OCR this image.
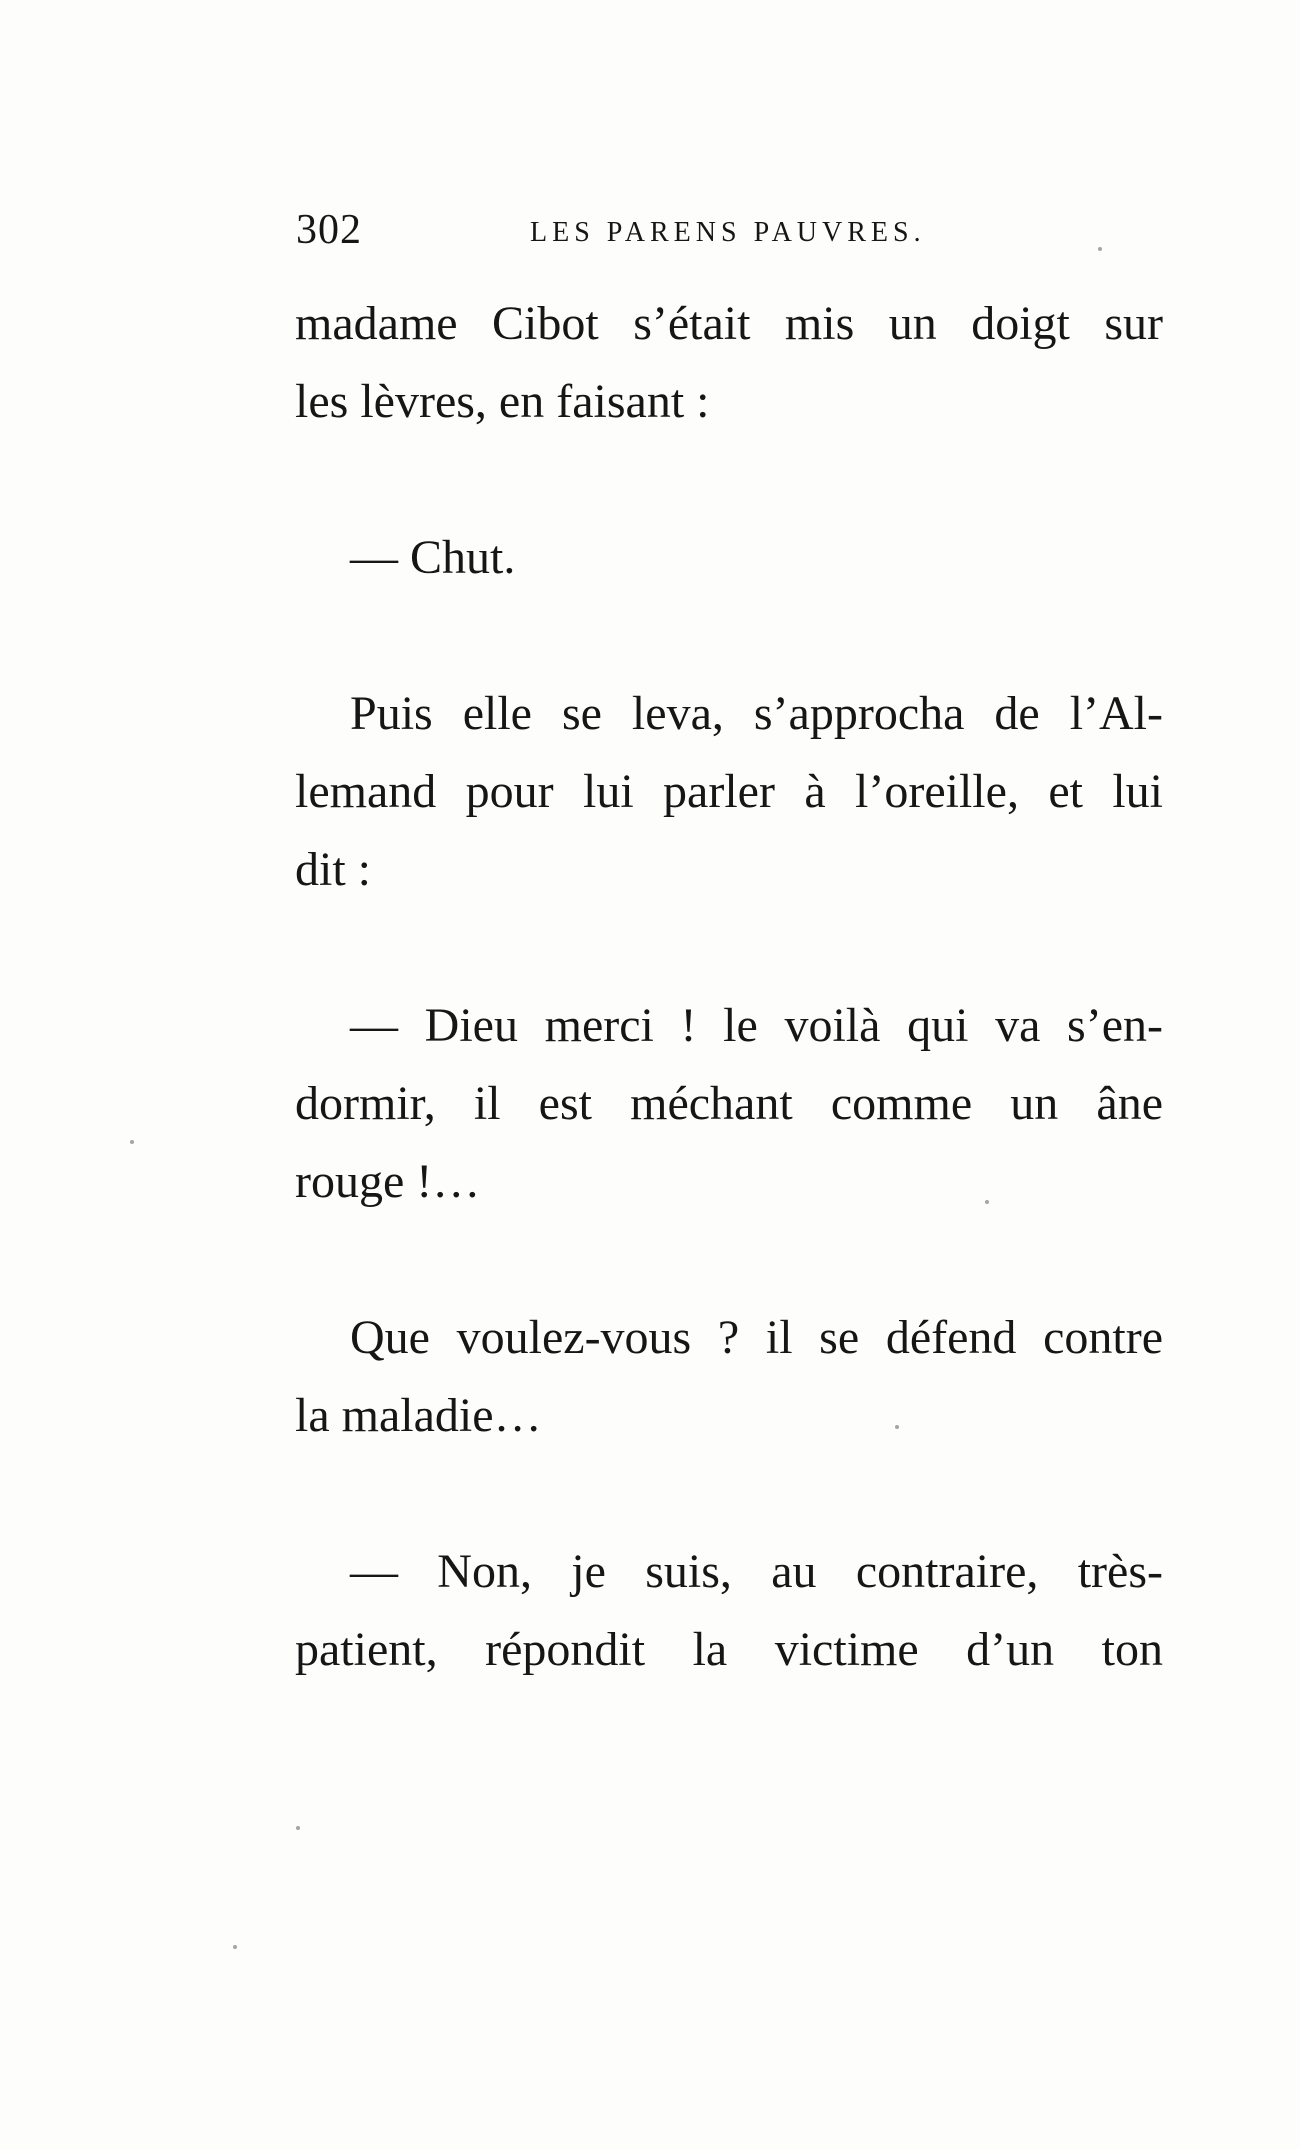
302	LES PARENS PAUVRES.
madame Cibot s’était mis un doigt sur
les lèvres, en faisant :
— Chut.
Puis elle se leva, s’approcha de l’Al-
lemand pour lui parler à l’oreille, et lui
dit :
— Dieu merci ! le voilà qui va s’en-
dormir, il est méchant comme un âne
rouge !…
Que voulez-vous ? il se défend contre
la maladie…
— Non, je suis, au contraire, très-
patient, répondit la victime d’un ton
